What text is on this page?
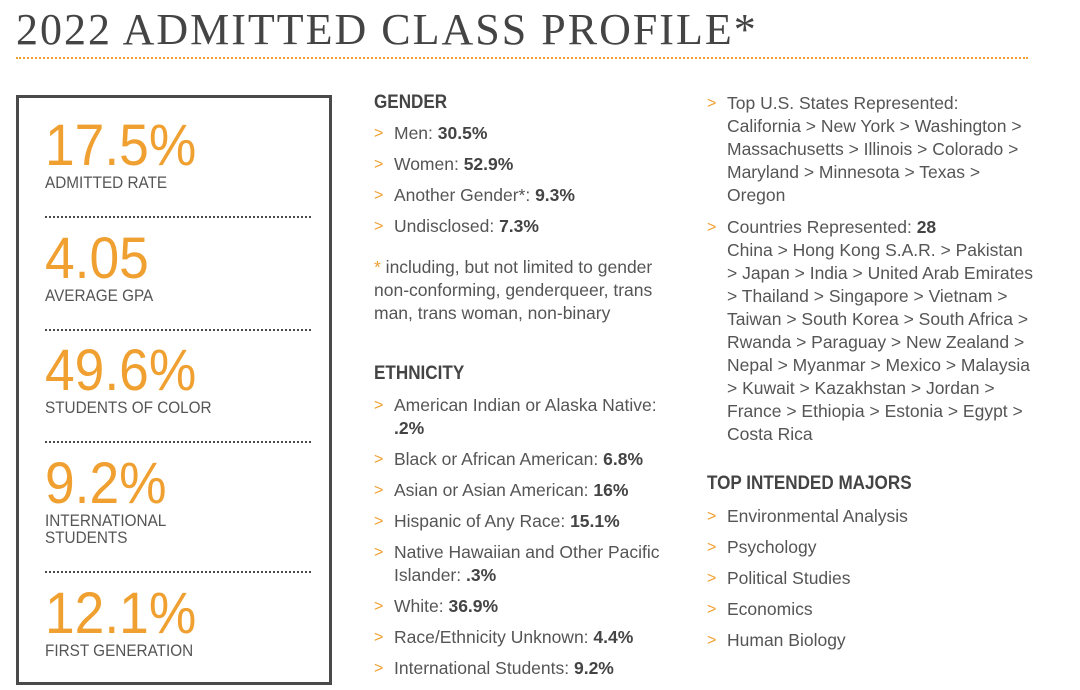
2022 ADMITTED CLASS PROFILE*
17.5%
ADMITTED RATE
4.05
AVERAGE GPA
49.6%
STUDENTS OF COLOR
9.2%
INTERNATIONAL
STUDENTS
12.1%
FIRST GENERATION
GENDER
> Men: 30.5%
> Women: 52.9%
> Another Gender*: 9.3%
> Undisclosed: 7.3%

* including, but not limited to gender non-conforming, genderqueer, trans man, trans woman, non-binary

ETHNICITY
> American Indian or Alaska Native: .2%
> Black or African American: 6.8%
> Asian or Asian American: 16%
> Hispanic of Any Race: 15.1%
> Native Hawaiian and Other Pacific Islander: .3%
> White: 36.9%
> Race/Ethnicity Unknown: 4.4%
> International Students: 9.2%
> Top U.S. States Represented:
California > New York > Washington > Massachusetts > Illinois > Colorado > Maryland > Minnesota > Texas > Oregon
> Countries Represented: 28
China > Hong Kong S.A.R. > Pakistan > Japan > India > United Arab Emirates > Thailand > Singapore > Vietnam > Taiwan > South Korea > South Africa > Rwanda > Paraguay > New Zealand > Nepal > Myanmar > Mexico > Malaysia > Kuwait > Kazakhstan > Jordan > France > Ethiopia > Estonia > Egypt > Costa Rica
TOP INTENDED MAJORS
> Environmental Analysis
> Psychology
> Political Studies
> Economics
> Human Biology
